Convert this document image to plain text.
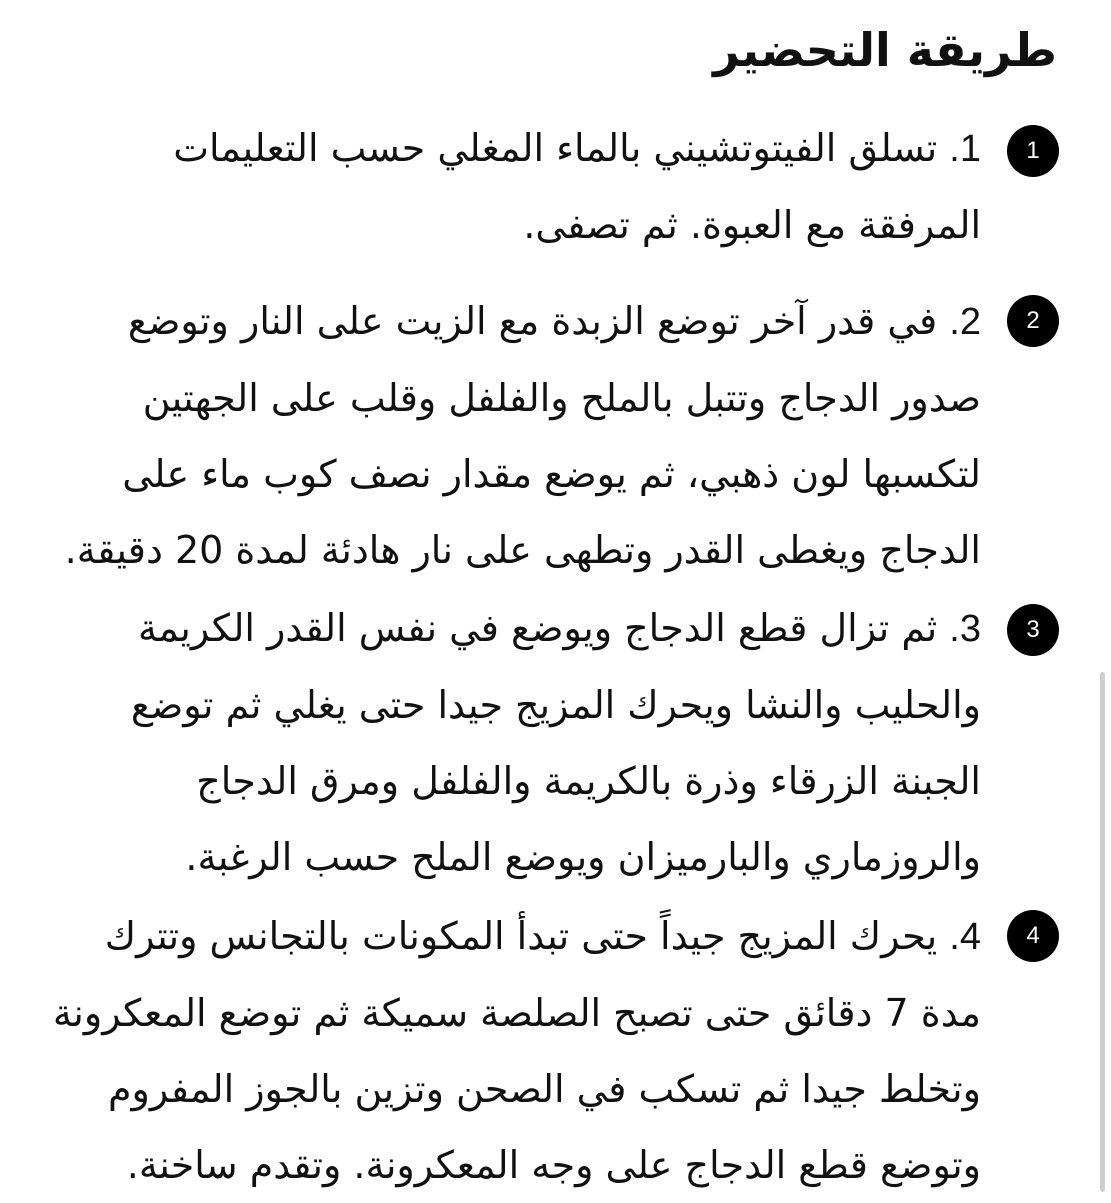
طريقة التحضير
1

1. تسلق الفيتوتشيني بالماء المغلي حسب التعليمات المرفقة مع العبوة. ثم تصفى.

2

2. في قدر آخر توضع الزبدة مع الزيت على النار وتوضع صدور الدجاج وتتبل بالملح والفلفل وقلب على الجهتين لتكسبها لون ذهبي، ثم يوضع مقدار نصف كوب ماء على الدجاج ويغطى القدر وتطهى على نار هادئة لمدة 20 دقيقة.

3

3. ثم تزال قطع الدجاج ويوضع في نفس القدر الكريمة والحليب والنشا ويحرك المزيج جيدا حتى يغلي ثم توضع الجبنة الزرقاء وذرة بالكريمة والفلفل ومرق الدجاج والروزماري والبارميزان ويوضع الملح حسب الرغبة.

4

4. يحرك المزيج جيداً حتى تبدأ المكونات بالتجانس وتترك مدة 7 دقائق حتى تصبح الصلصة سميكة ثم توضع المعكرونة وتخلط جيدا ثم تسكب في الصحن وتزين بالجوز المفروم وتوضع قطع الدجاج على وجه المعكرونة. وتقدم ساخنة.
